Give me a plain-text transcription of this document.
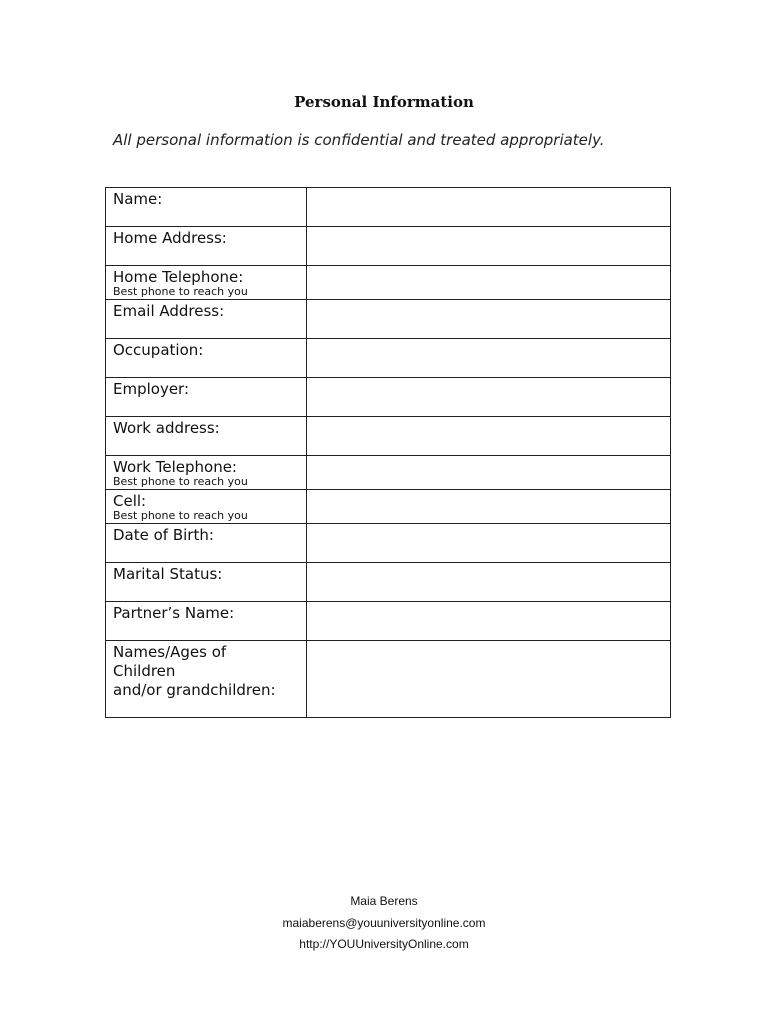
Personal Information
All personal information is confidential and treated appropriately.
Name:	

Home Address:	

Home Telephone:
Best phone to reach you	

Email Address:	

Occupation:	

Employer:	

Work address:	

Work Telephone:
Best phone to reach you	

Cell:
Best phone to reach you	

Date of Birth:	

Marital Status:	

Partner’s Name:	

Names/Ages of
Children
and/or grandchildren:	

Maia Berens
maiaberens@youuniversityonline.com
http://YOUUniversityOnline.com
